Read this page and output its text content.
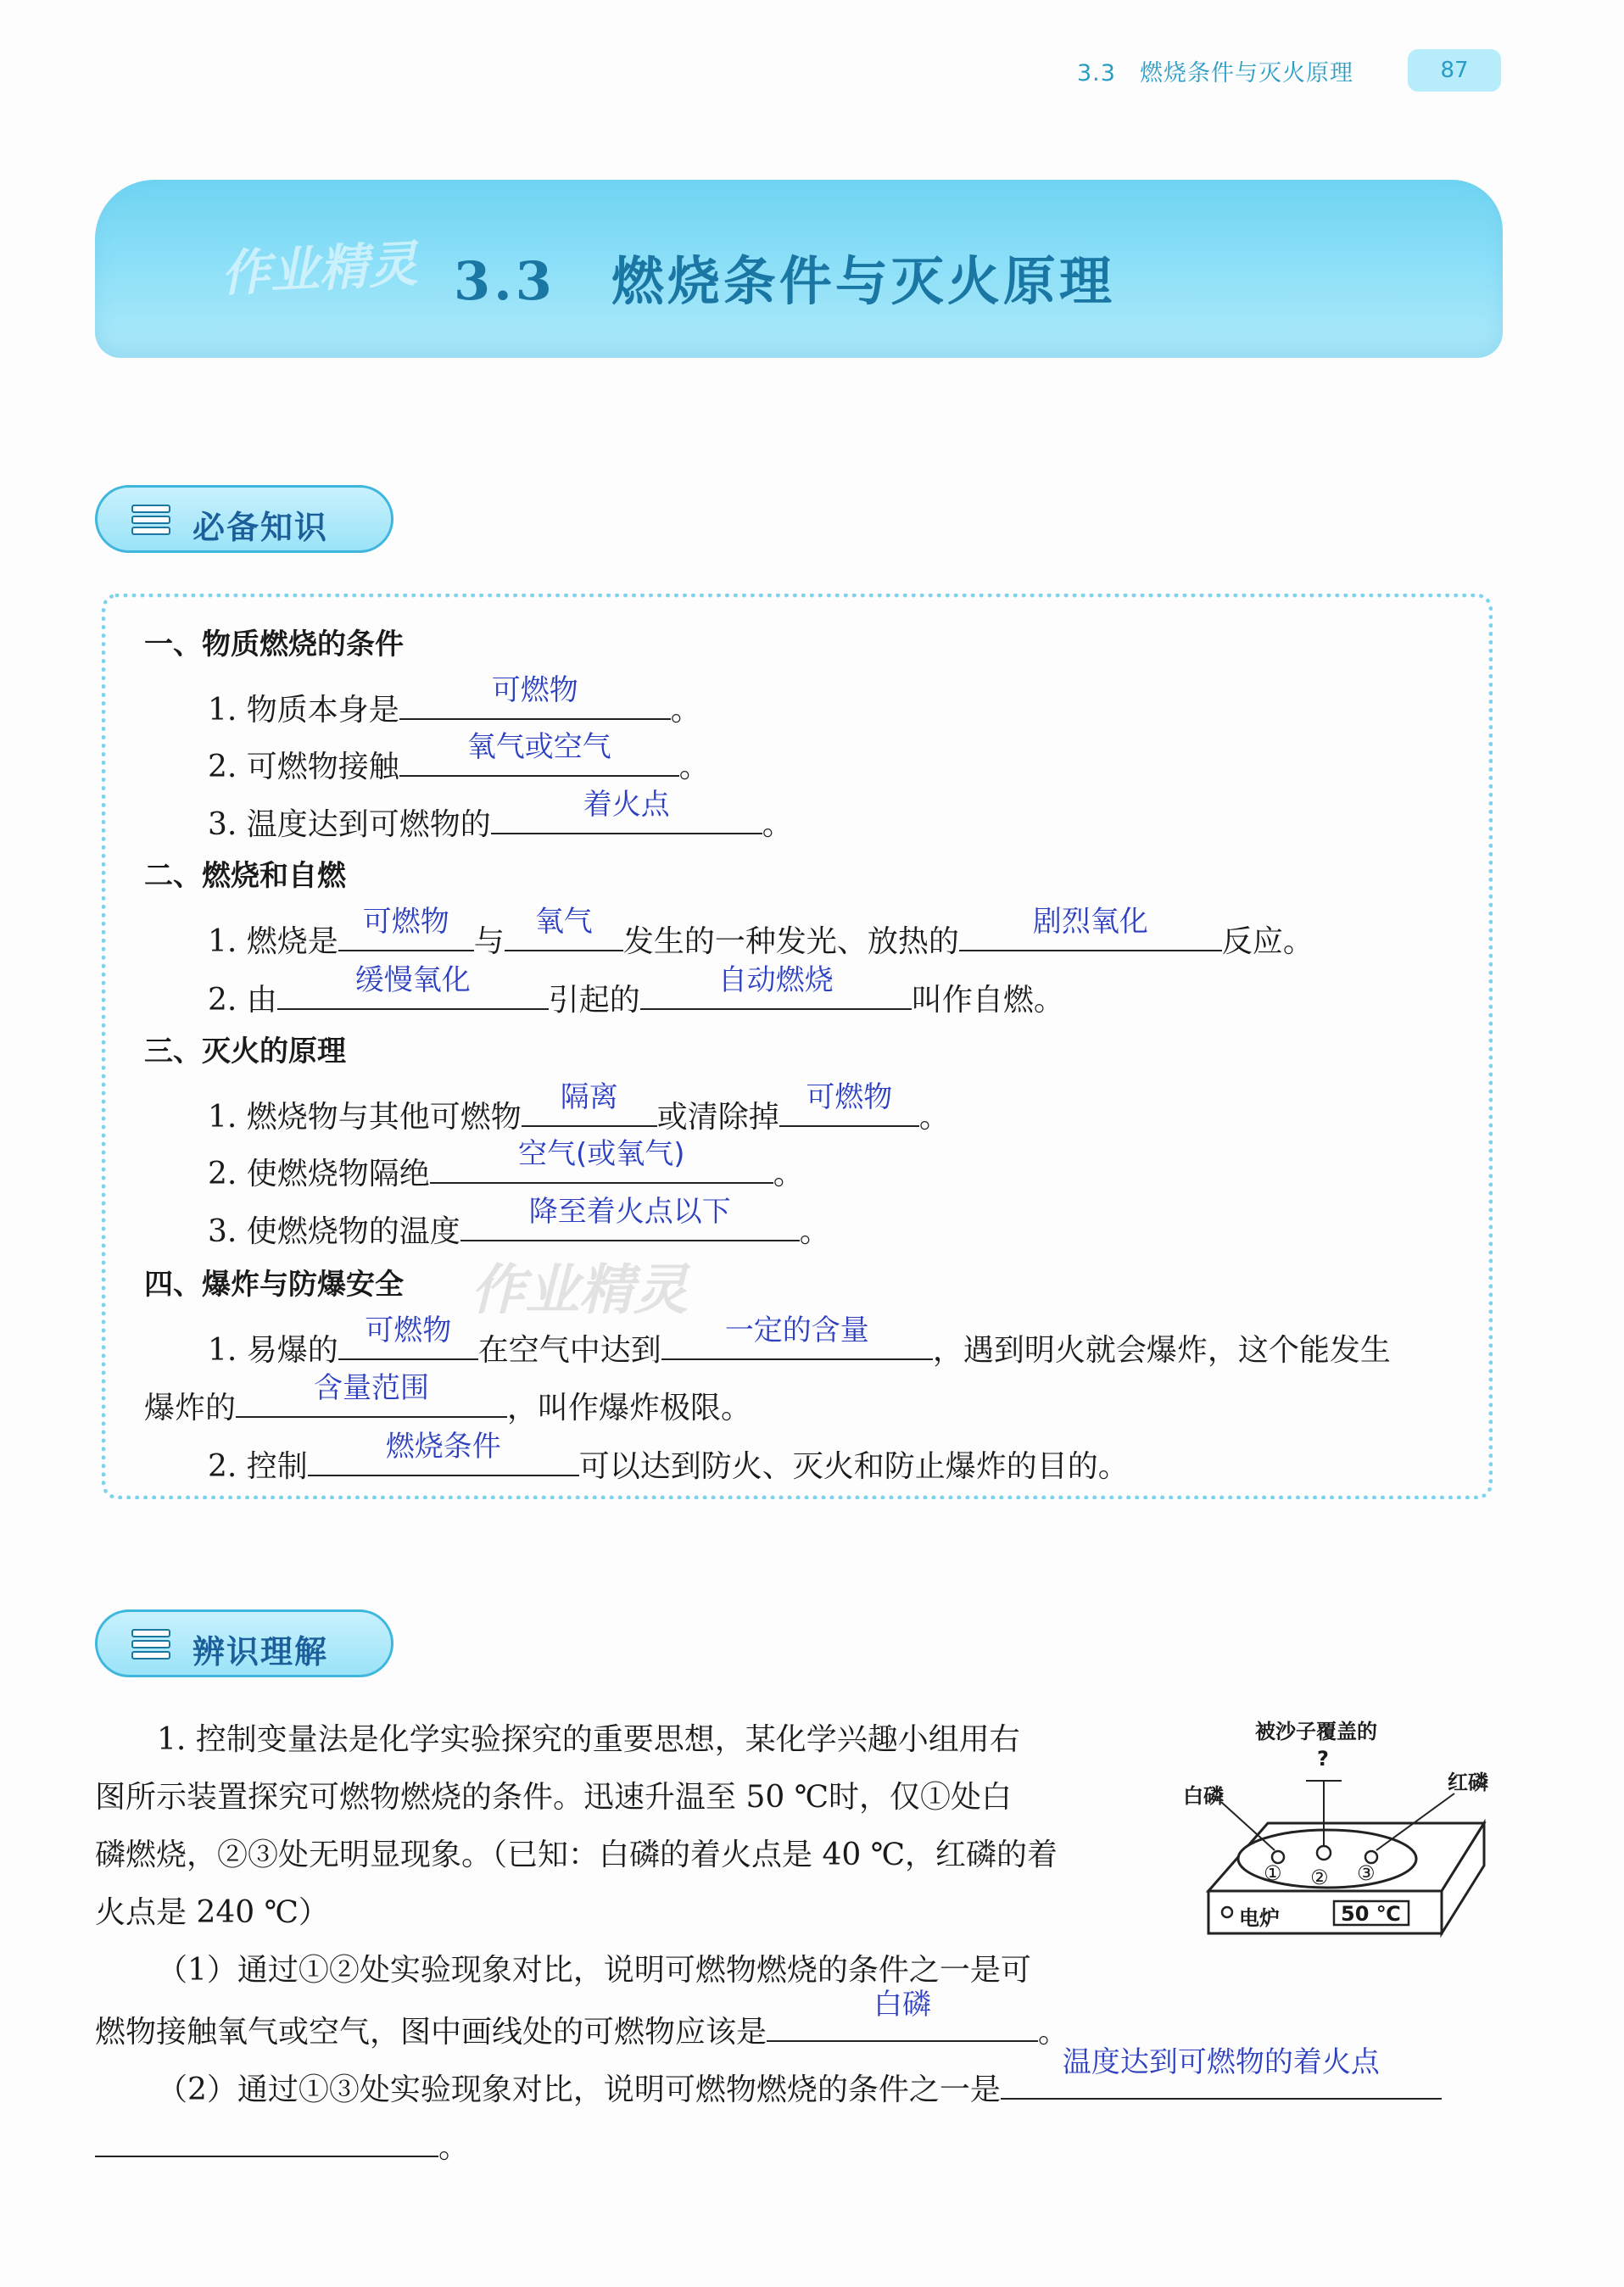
3.3　燃烧条件与灭火原理	87
作业精灵 3.3　燃烧条件与灭火原理
必备知识
一、物质燃烧的条件
1. 物质本身是
可燃物
。
2. 可燃物接触
氧气或空气
。
3. 温度达到可燃物的
着火点
。
二、燃烧和自燃
1. 燃烧是
可燃物
与
氧气
发生的一种发光、放热的
剧烈氧化
反应。
2. 由
缓慢氧化
引起的
自动燃烧
叫作自燃。
三、灭火的原理
1. 燃烧物与其他可燃物
隔离
或清除掉
可燃物
。
2. 使燃烧物隔绝
空气(或氧气)
。
3. 使燃烧物的温度
降至着火点以下
。
作业精灵
四、爆炸与防爆安全
1. 易爆的
可燃物
在空气中达到
一定的含量
，遇到明火就会爆炸，这个能发生
爆炸的
含量范围
，叫作爆炸极限。
2. 控制
燃烧条件
可以达到防火、灭火和防止爆炸的目的。
辨识理解
1. 控制变量法是化学实验探究的重要思想，某化学兴趣小组用右
图所示装置探究可燃物燃烧的条件。迅速升温至 50 ℃时，仅①处白
磷燃烧，②③处无明显现象。（已知：白磷的着火点是 40 ℃，红磷的着
火点是 240 ℃）
（1）通过①②处实验现象对比，说明可燃物燃烧的条件之一是可
燃物接触氧气或空气，图中画线处的可燃物应该是
白磷
。
（2）通过①③处实验现象对比，说明可燃物燃烧的条件之一是
温度达到可燃物的着火点
。
被沙子覆盖的
?
白磷
红磷
① ② ③
电炉	50 ℃
